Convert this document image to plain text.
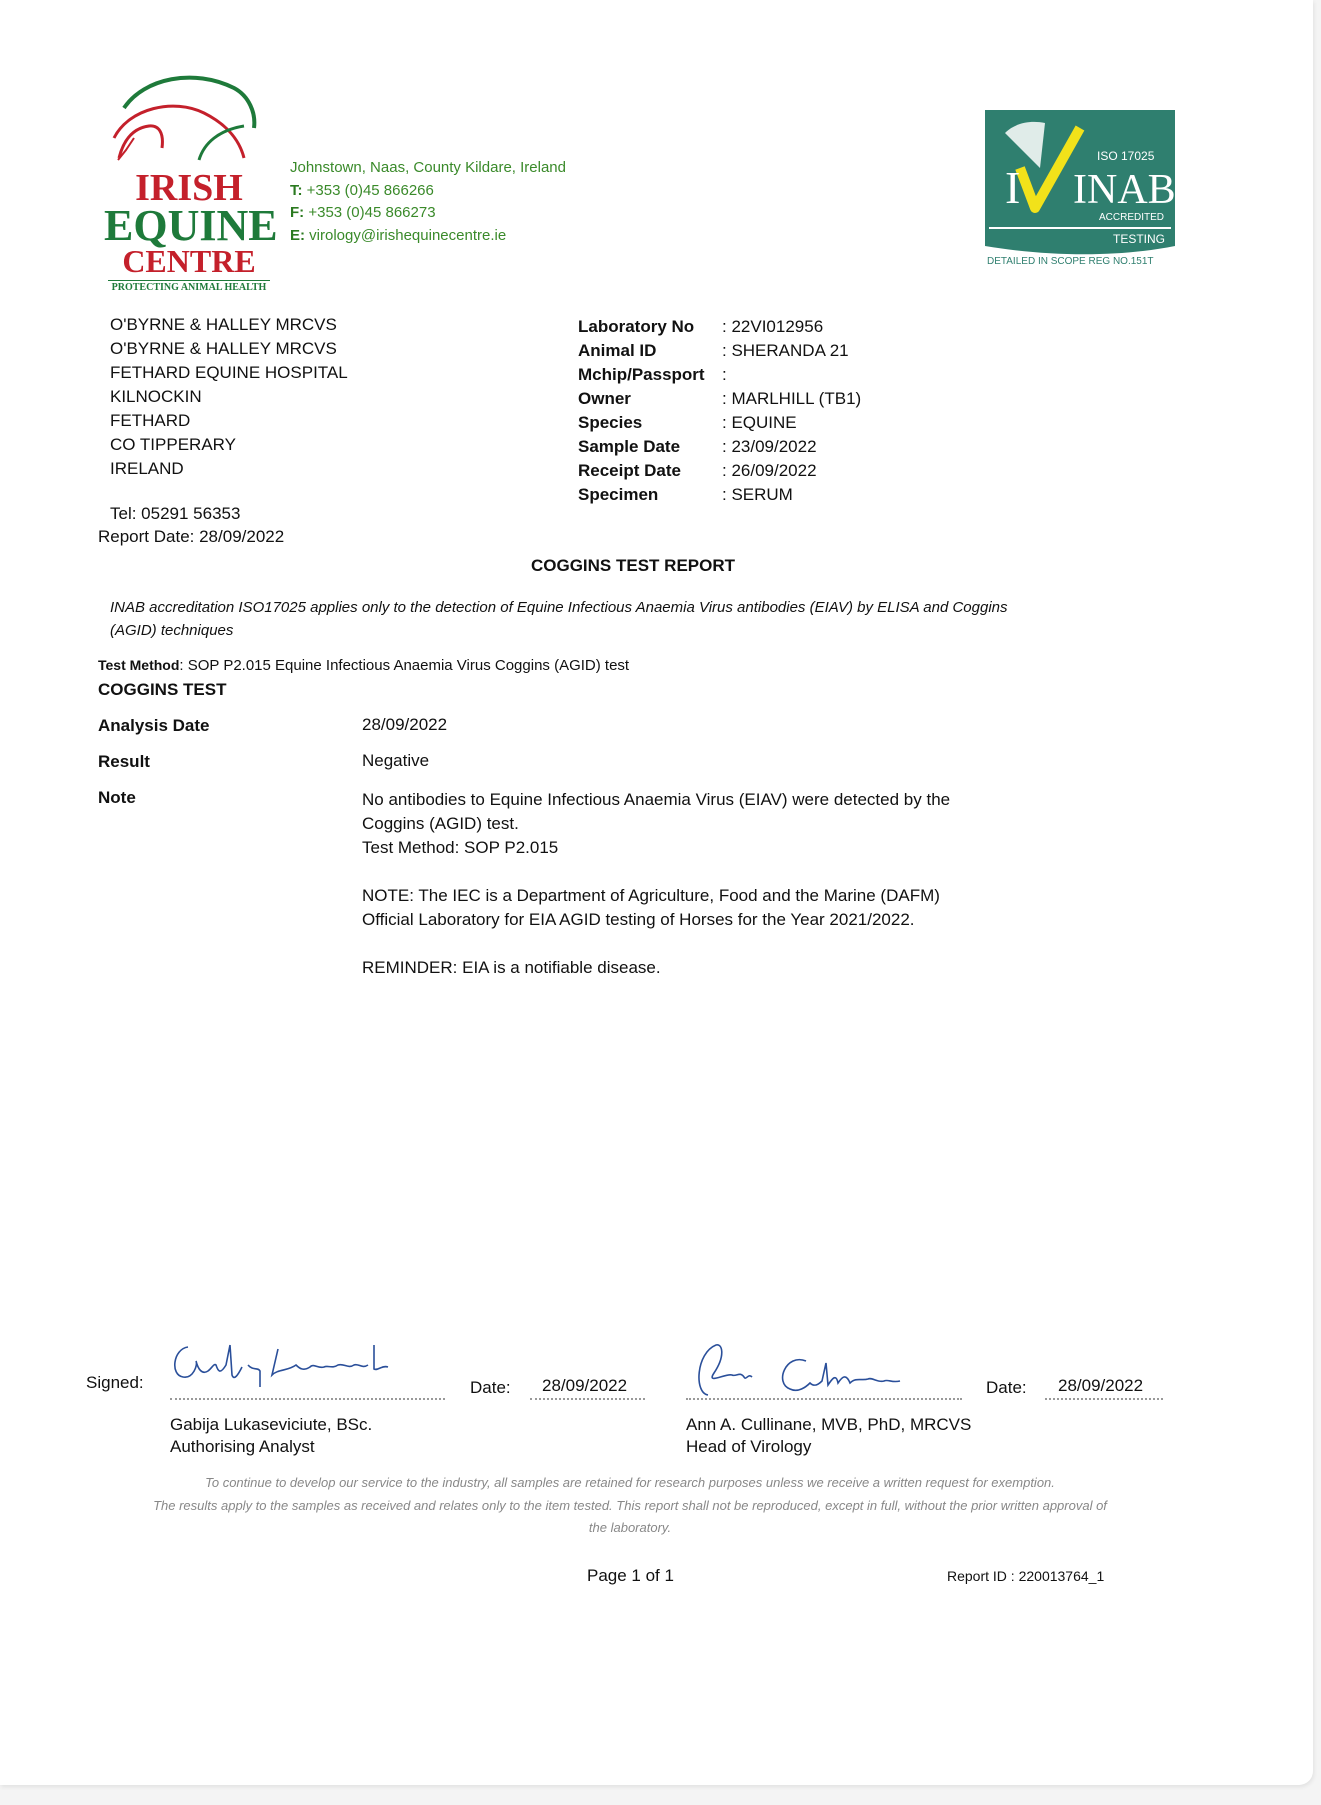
IRISH
EQUINE
CENTRE
PROTECTING ANIMAL HEALTH
Johnstown, Naas, County Kildare, Ireland
T: +353 (0)45 866266
F: +353 (0)45 866273
E: virology@irishequinecentre.ie
I INAB
ISO 17025
ACCREDITED
TESTING
DETAILED IN SCOPE REG NO.151T
O'BYRNE & HALLEY MRCVS
O'BYRNE & HALLEY MRCVS
FETHARD EQUINE HOSPITAL
KILNOCKIN
FETHARD
CO TIPPERARY
IRELAND
Tel: 05291 56353
Report Date: 28/09/2022
Laboratory No	: 22VI012956
Animal ID	: SHERANDA 21
Mchip/Passport	:
Owner	: MARLHILL (TB1)
Species	: EQUINE
Sample Date	: 23/09/2022
Receipt Date	: 26/09/2022
Specimen	: SERUM
COGGINS TEST REPORT
INAB accreditation ISO17025 applies only to the detection of Equine Infectious Anaemia Virus antibodies (EIAV) by ELISA and Coggins (AGID) techniques
Test Method: SOP P2.015 Equine Infectious Anaemia Virus Coggins (AGID) test
COGGINS TEST
Analysis Date	28/09/2022
Result	Negative
Note	No antibodies to Equine Infectious Anaemia Virus (EIAV) were detected by the Coggins (AGID) test.

Test Method: SOP P2.015

NOTE: The IEC is a Department of Agriculture, Food and the Marine (DAFM) Official Laboratory for EIA AGID testing of Horses for the Year 2021/2022.

REMINDER: EIA is a notifiable disease.

Signed:	Date: 28/09/2022
Gabija Lukaseviciute, BSc.
Authorising Analyst
Date: 28/09/2022
Ann A. Cullinane, MVB, PhD, MRCVS
Head of Virology
To continue to develop our service to the industry, all samples are retained for research purposes unless we receive a written request for exemption.
The results apply to the samples as received and relates only to the item tested. This report shall not be reproduced, except in full, without the prior written approval of the laboratory.
Page 1 of 1	Report ID : 220013764_1
